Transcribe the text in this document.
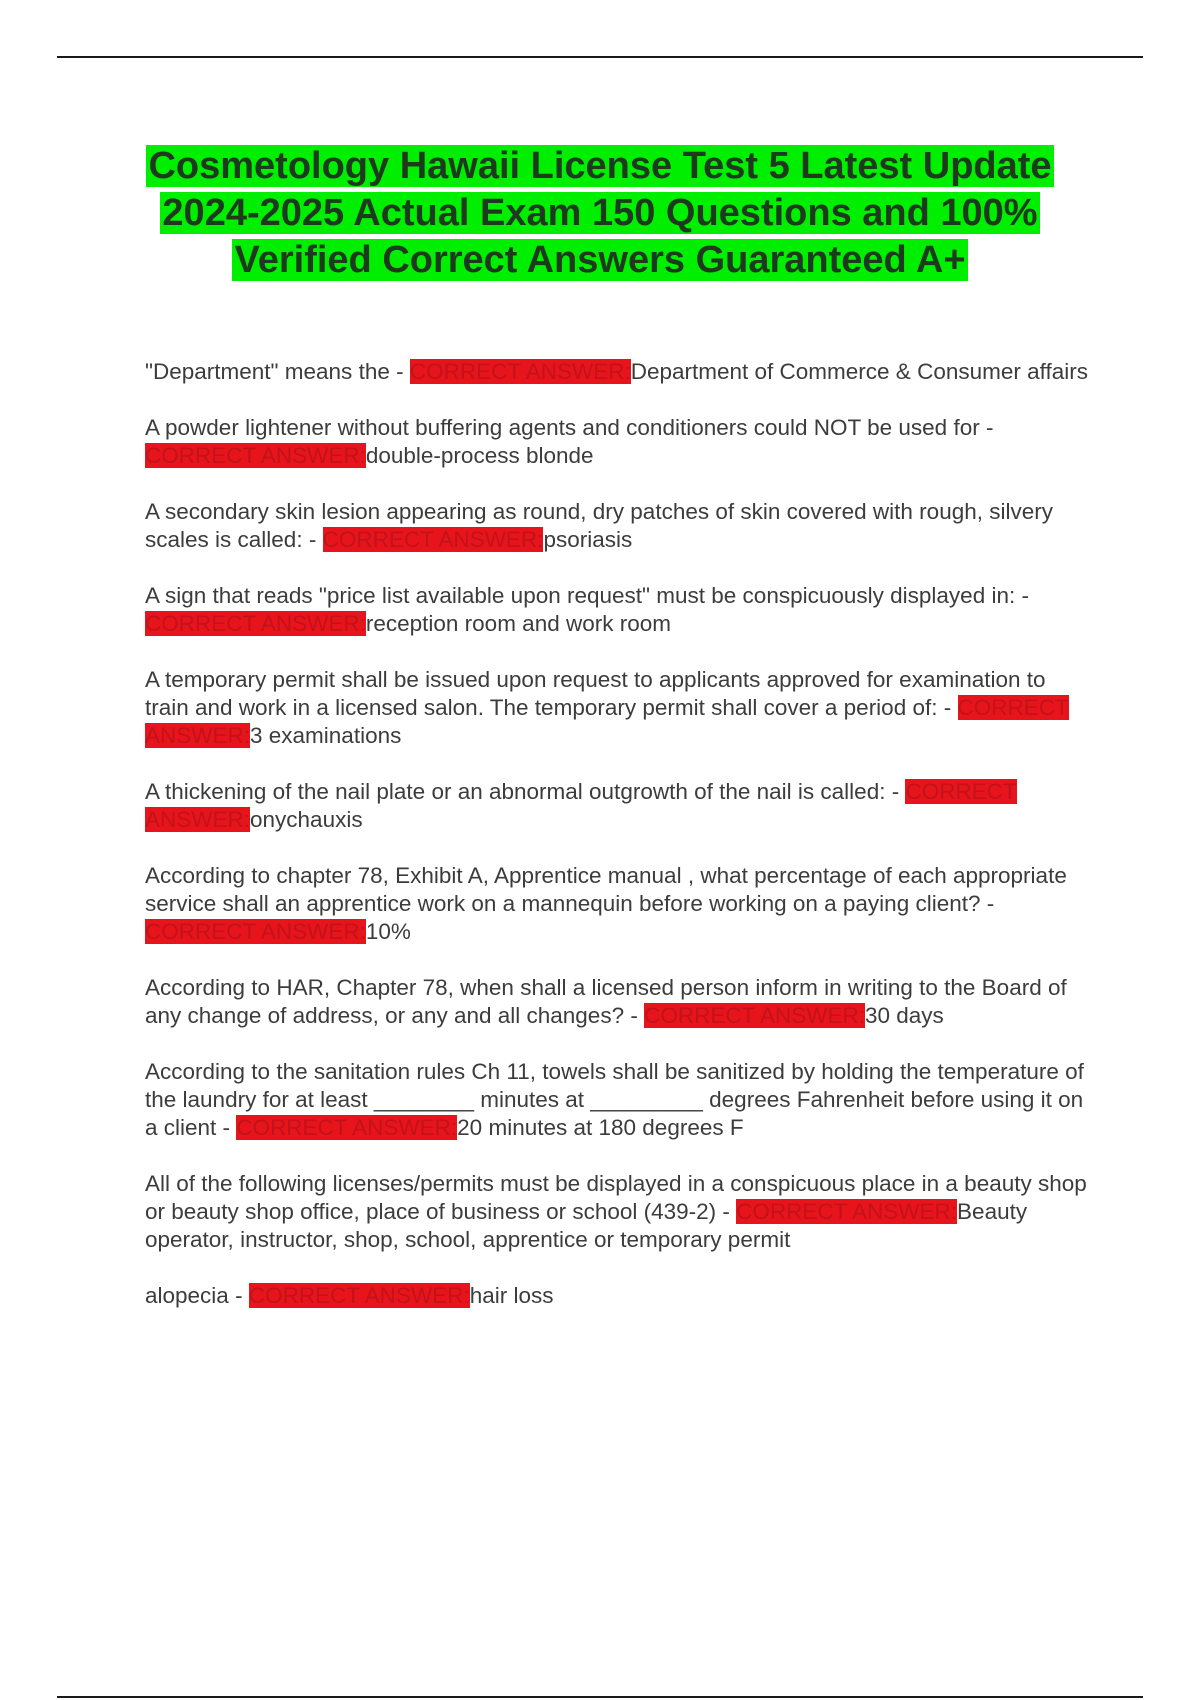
Cosmetology Hawaii License Test 5 Latest Update 2024-2025 Actual Exam 150 Questions and 100% Verified Correct Answers Guaranteed A+

"Department" means the - CORRECT ANSWER:Department of Commerce & Consumer affairs

A powder lightener without buffering agents and conditioners could NOT be used for - CORRECT ANSWER:double-process blonde

A secondary skin lesion appearing as round, dry patches of skin covered with rough, silvery scales is called: - CORRECT ANSWER:psoriasis

A sign that reads "price list available upon request" must be conspicuously displayed in: - CORRECT ANSWER:reception room and work room

A temporary permit shall be issued upon request to applicants approved for examination to train and work in a licensed salon. The temporary permit shall cover a period of: - CORRECT ANSWER:3 examinations

A thickening of the nail plate or an abnormal outgrowth of the nail is called: - CORRECT ANSWER:onychauxis

According to chapter 78, Exhibit A, Apprentice manual , what percentage of each appropriate service shall an apprentice work on a mannequin before working on a paying client? - CORRECT ANSWER:10%

According to HAR, Chapter 78, when shall a licensed person inform in writing to the Board of any change of address, or any and all changes? - CORRECT ANSWER:30 days

According to the sanitation rules Ch 11, towels shall be sanitized by holding the temperature of the laundry for at least ________ minutes at _________ degrees Fahrenheit before using it on a client - CORRECT ANSWER:20 minutes at 180 degrees F

All of the following licenses/permits must be displayed in a conspicuous place in a beauty shop or beauty shop office, place of business or school (439-2) - CORRECT ANSWER:Beauty operator, instructor, shop, school, apprentice or temporary permit

alopecia - CORRECT ANSWER:hair loss
